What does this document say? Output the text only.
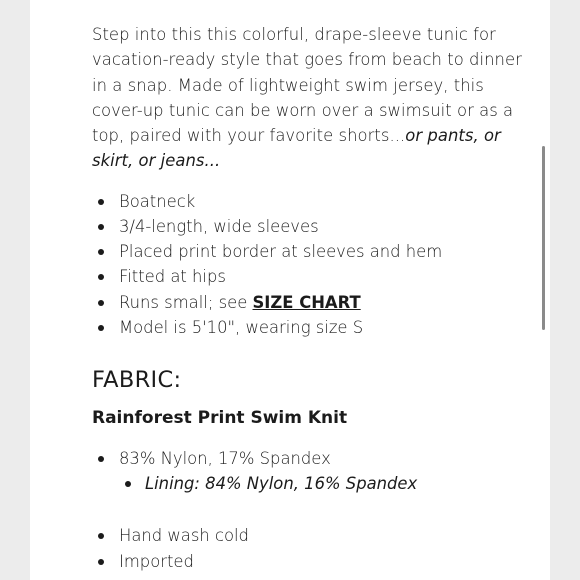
Step into this this colorful, drape-sleeve tunic for vacation-ready style that goes from beach to dinner in a snap. Made of lightweight swim jersey, this cover-up tunic can be worn over a swimsuit or as a top, paired with your favorite shorts...or pants, or skirt, or jeans...

Boatneck
3/4-length, wide sleeves
Placed print border at sleeves and hem
Fitted at hips
Runs small; see SIZE CHART
Model is 5'10", wearing size S
FABRIC:
Rainforest Print Swim Knit
83% Nylon, 17% Spandex
Lining: 84% Nylon, 16% Spandex
Hand wash cold
Imported
